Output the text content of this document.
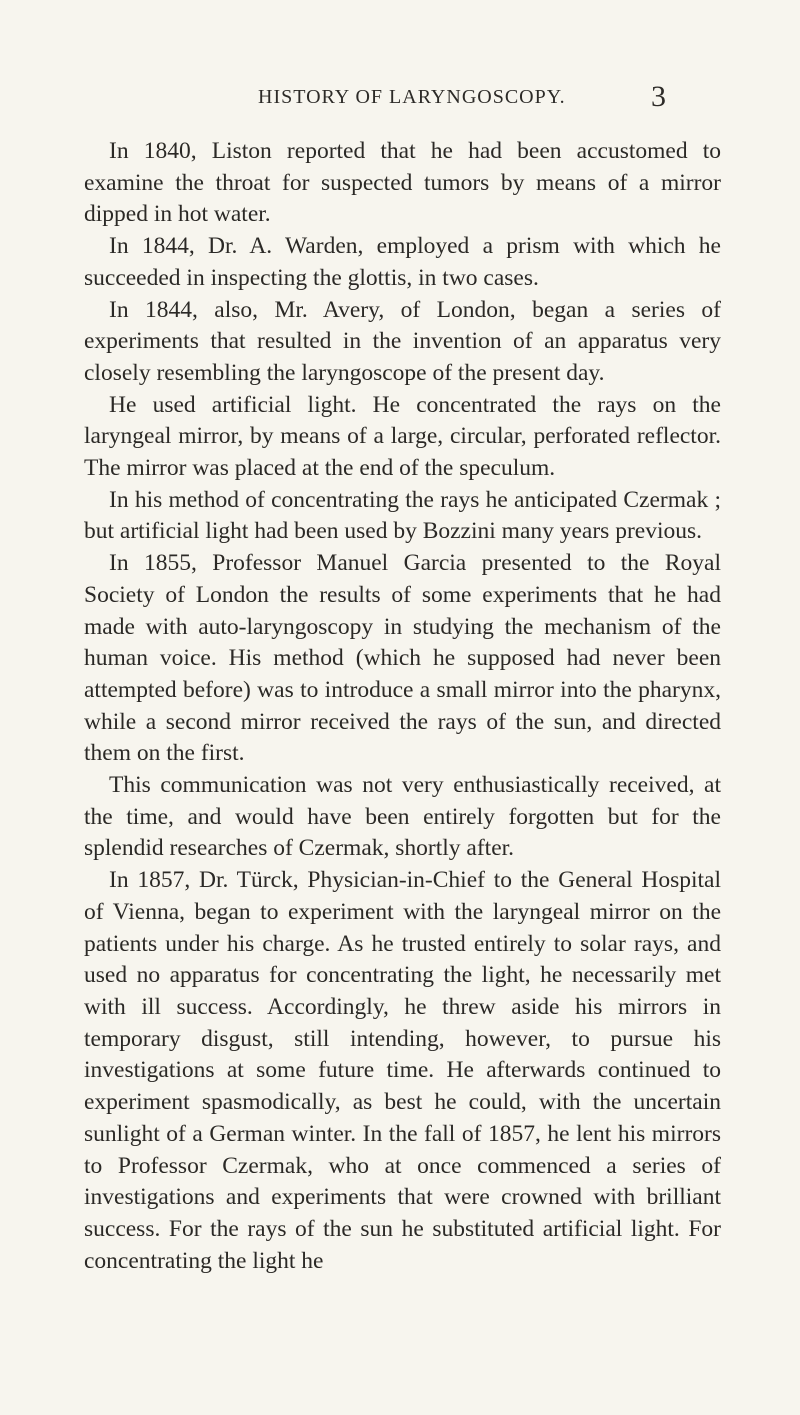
HISTORY OF LARYNGOSCOPY.	3

In 1840, Liston reported that he had been accustomed to examine the throat for suspected tumors by means of a mirror dipped in hot water.

In 1844, Dr. A. Warden, employed a prism with which he succeeded in inspecting the glottis, in two cases.

In 1844, also, Mr. Avery, of London, began a series of experiments that resulted in the invention of an apparatus very closely resembling the laryngoscope of the present day.

He used artificial light. He concentrated the rays on the laryngeal mirror, by means of a large, circular, perforated reflector. The mirror was placed at the end of the speculum.

In his method of concentrating the rays he anticipated Czermak ; but artificial light had been used by Bozzini many years previous.

In 1855, Professor Manuel Garcia presented to the Royal Society of London the results of some experiments that he had made with auto-laryngoscopy in studying the mechanism of the human voice. His method (which he supposed had never been attempted before) was to introduce a small mirror into the pharynx, while a second mirror received the rays of the sun, and directed them on the first.

This communication was not very enthusiastically received, at the time, and would have been entirely forgotten but for the splendid researches of Czermak, shortly after.

In 1857, Dr. Türck, Physician-in-Chief to the General Hospital of Vienna, began to experiment with the laryngeal mirror on the patients under his charge. As he trusted entirely to solar rays, and used no apparatus for concentrating the light, he necessarily met with ill success. Accordingly, he threw aside his mirrors in temporary disgust, still intending, however, to pursue his investigations at some future time. He afterwards continued to experiment spasmodically, as best he could, with the uncertain sunlight of a German winter. In the fall of 1857, he lent his mirrors to Professor Czermak, who at once commenced a series of investigations and experiments that were crowned with brilliant success. For the rays of the sun he substituted artificial light. For concentrating the light he
